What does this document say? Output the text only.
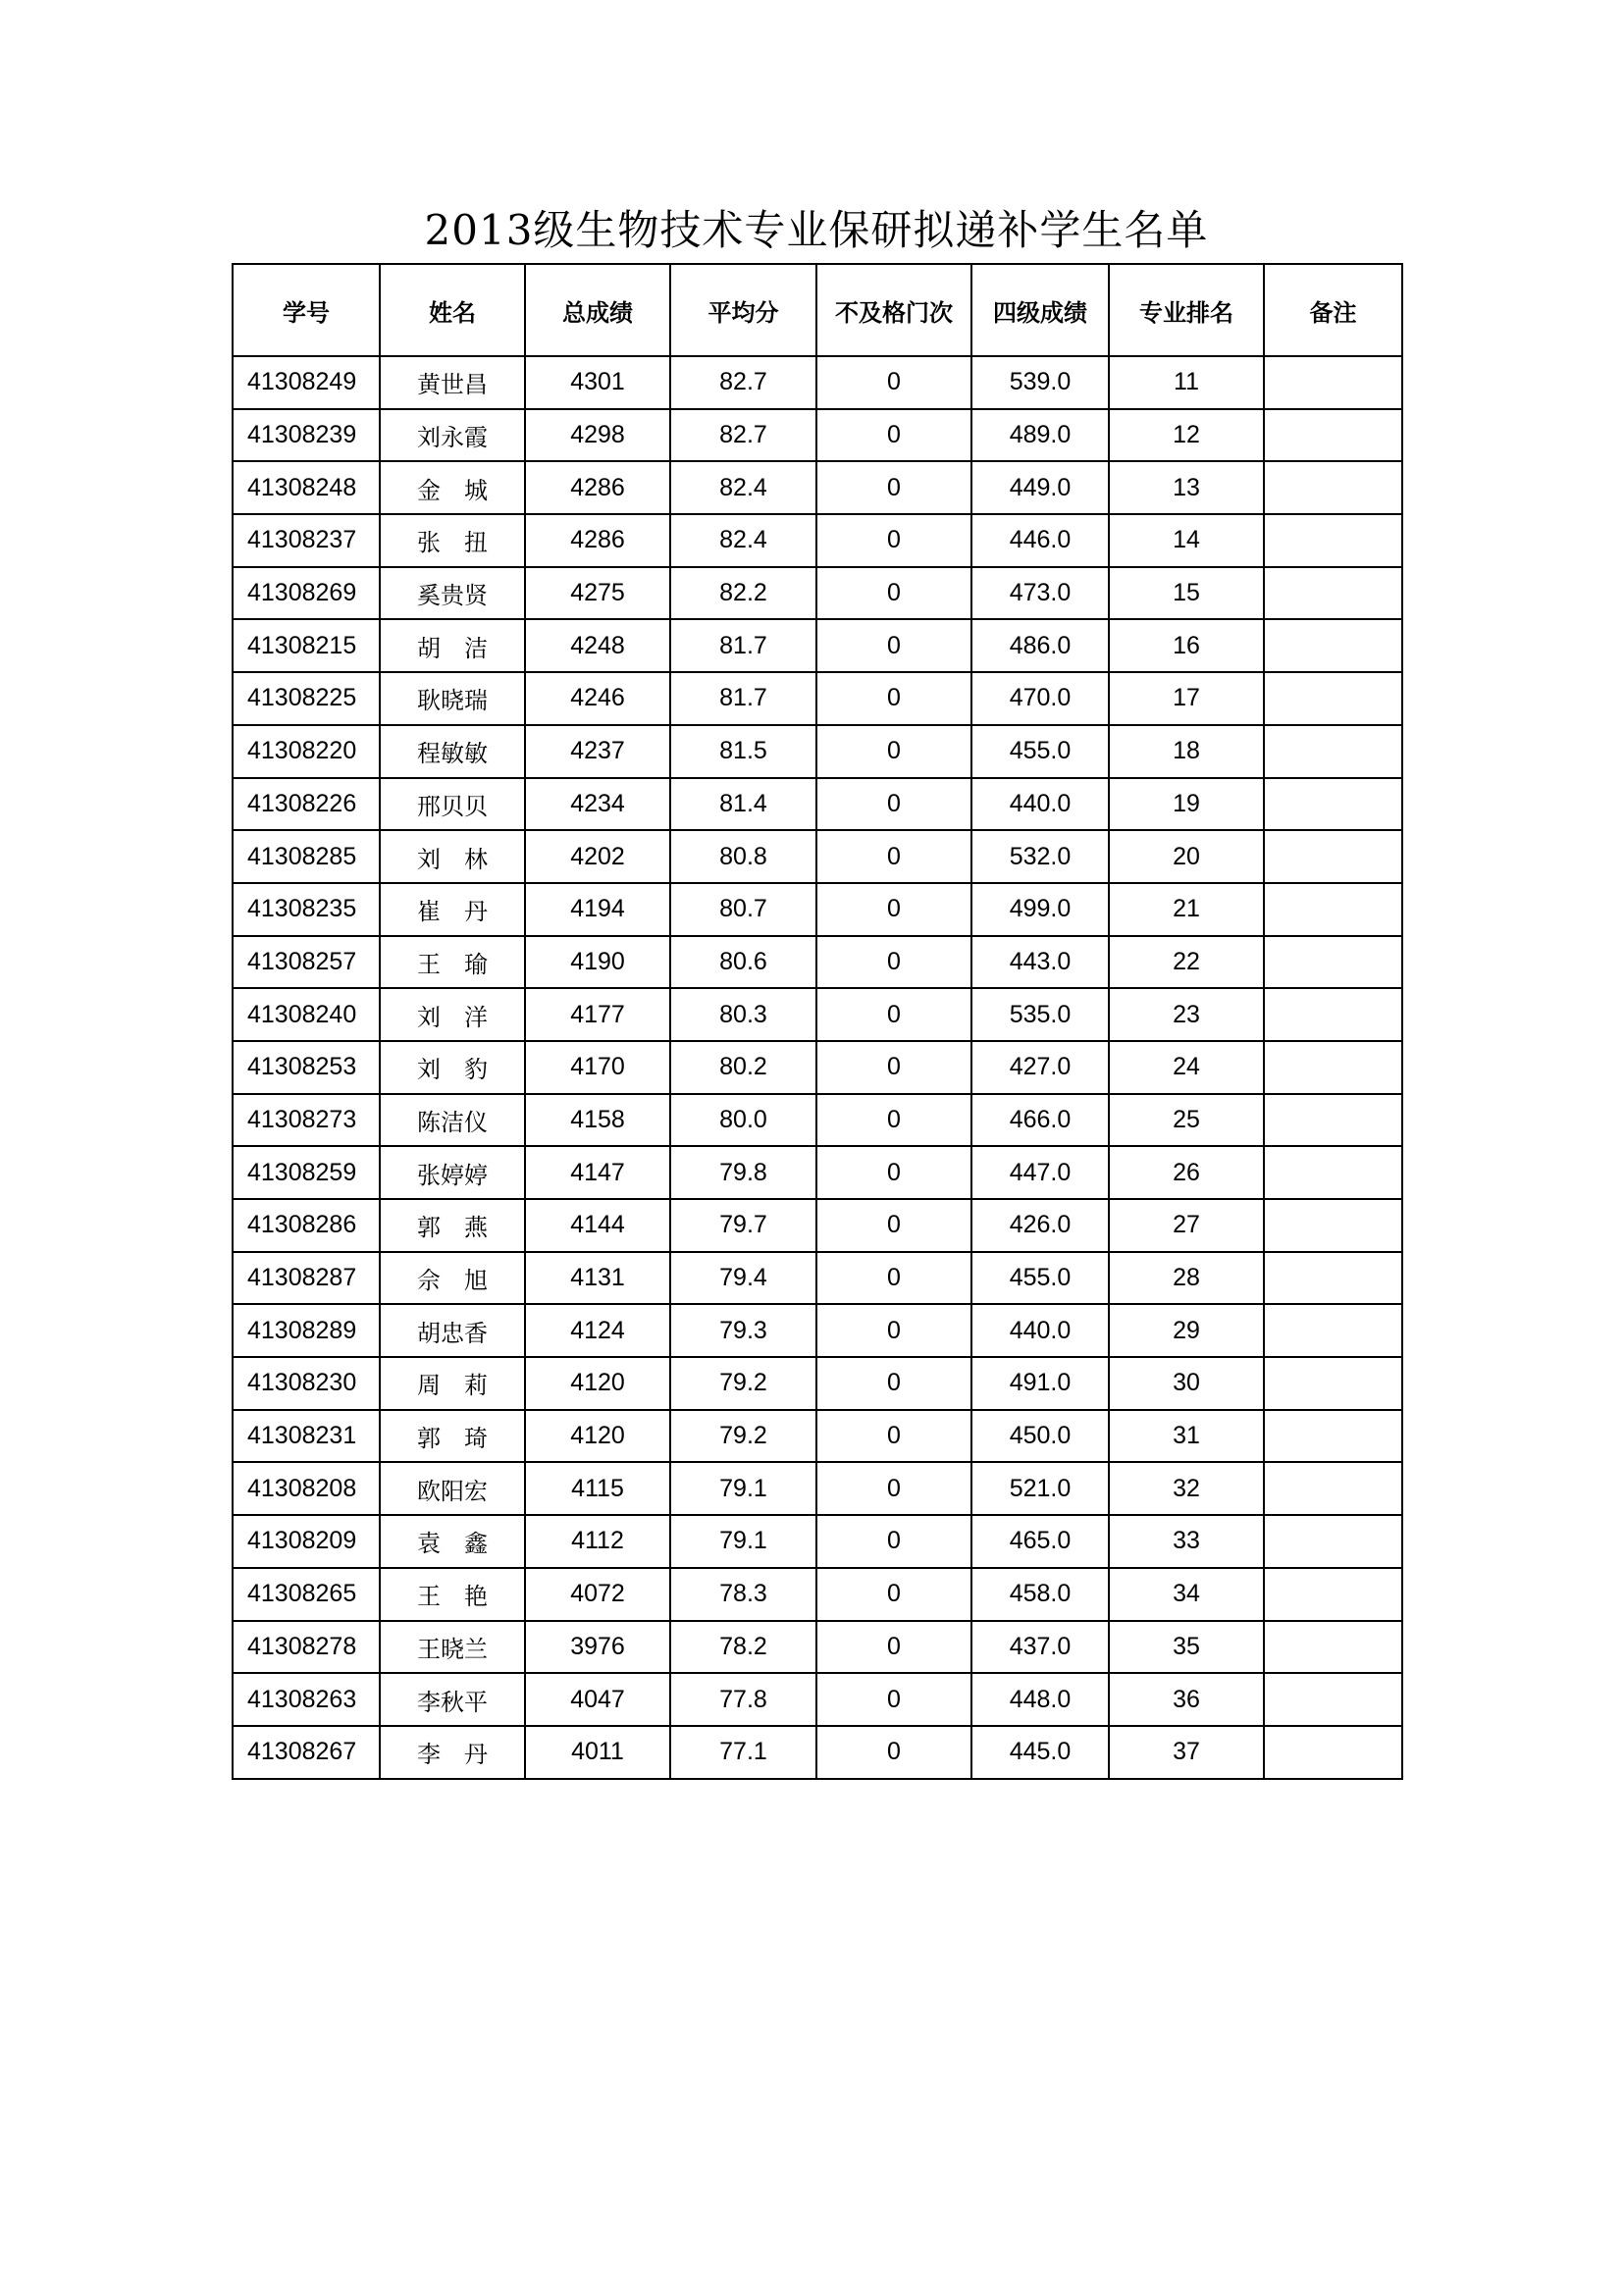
2013级生物技术专业保研拟递补学生名单
学号	姓名	总成绩	平均分	不及格门次	四级成绩	专业排名	备注
41308249	黄世昌	4301	82.7	0	539.0	11	
41308239	刘永霞	4298	82.7	0	489.0	12	
41308248	金　城	4286	82.4	0	449.0	13	
41308237	张　扭	4286	82.4	0	446.0	14	
41308269	奚贵贤	4275	82.2	0	473.0	15	
41308215	胡　洁	4248	81.7	0	486.0	16	
41308225	耿晓瑞	4246	81.7	0	470.0	17	
41308220	程敏敏	4237	81.5	0	455.0	18	
41308226	邢贝贝	4234	81.4	0	440.0	19	
41308285	刘　林	4202	80.8	0	532.0	20	
41308235	崔　丹	4194	80.7	0	499.0	21	
41308257	王　瑜	4190	80.6	0	443.0	22	
41308240	刘　洋	4177	80.3	0	535.0	23	
41308253	刘　豹	4170	80.2	0	427.0	24	
41308273	陈洁仪	4158	80.0	0	466.0	25	
41308259	张婷婷	4147	79.8	0	447.0	26	
41308286	郭　燕	4144	79.7	0	426.0	27	
41308287	佘　旭	4131	79.4	0	455.0	28	
41308289	胡忠香	4124	79.3	0	440.0	29	
41308230	周　莉	4120	79.2	0	491.0	30	
41308231	郭　琦	4120	79.2	0	450.0	31	
41308208	欧阳宏	4115	79.1	0	521.0	32	
41308209	袁　鑫	4112	79.1	0	465.0	33	
41308265	王　艳	4072	78.3	0	458.0	34	
41308278	王晓兰	3976	78.2	0	437.0	35	
41308263	李秋平	4047	77.8	0	448.0	36	
41308267	李　丹	4011	77.1	0	445.0	37	
